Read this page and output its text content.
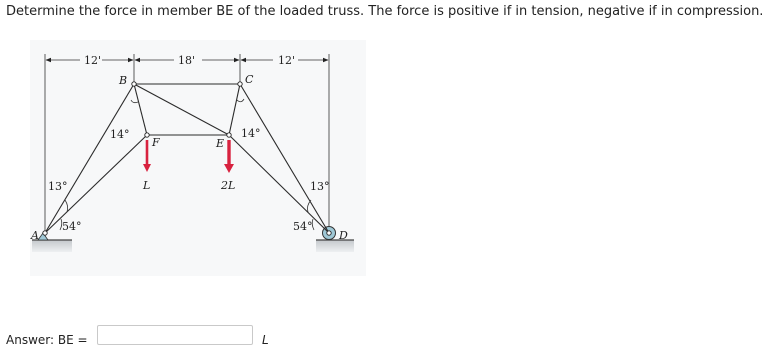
Determine the force in member BE of the loaded truss. The force is positive if in tension, negative if in compression.
12'	18'	12'
B	C
F	E
A	D
14°	14°
13°
54°
13°
54°
L	2L
Answer: BE =	L
